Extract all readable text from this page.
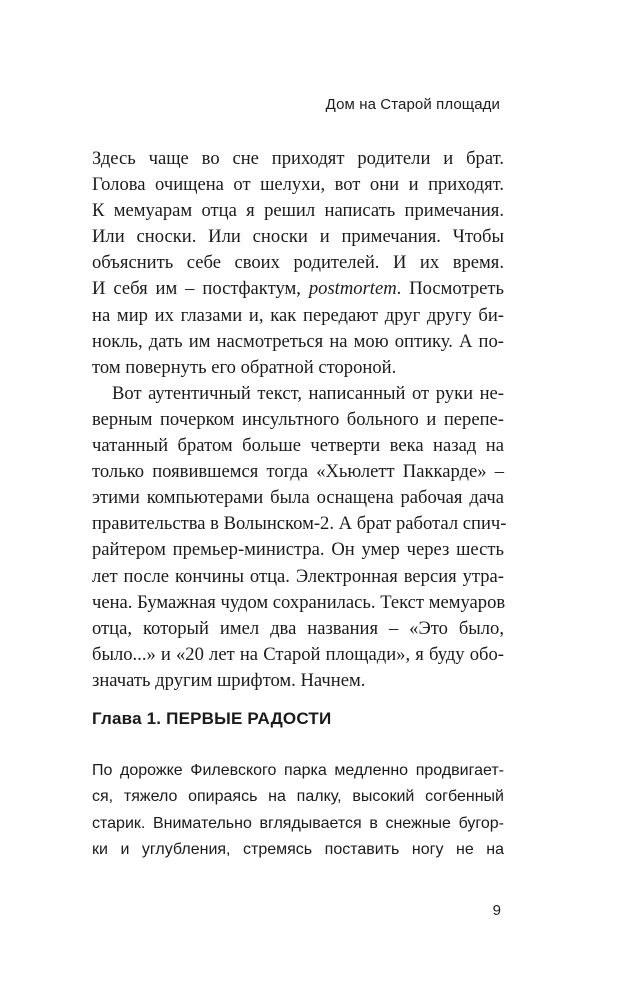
Дом на Старой площади
Здесь чаще во сне приходят родители и брат.
Голова очищена от шелухи, вот они и приходят.
К мемуарам отца я решил написать примечания.
Или сноски. Или сноски и примечания. Чтобы
объяснить себе своих родителей. И их время.
И себя им – постфактум, postmortem. Посмотреть
на мир их глазами и, как передают друг другу би-
нокль, дать им насмотреться на мою оптику. А по-
том повернуть его обратной стороной.
Вот аутентичный текст, написанный от руки не-
верным почерком инсультного больного и перепе-
чатанный братом больше четверти века назад на
только появившемся тогда «Хьюлетт Паккарде» –
этими компьютерами была оснащена рабочая дача
правительства в Волынском-2. А брат работал спич-
райтером премьер-министра. Он умер через шесть
лет после кончины отца. Электронная версия утра-
чена. Бумажная чудом сохранилась. Текст мемуаров
отца, который имел два названия – «Это было,
было...» и «20 лет на Старой площади», я буду обо-
значать другим шрифтом. Начнем.
Глава 1. ПЕРВЫЕ РАДОСТИ
По дорожке Филевского парка медленно продвигает-
ся, тяжело опираясь на палку, высокий согбенный
старик. Внимательно вглядывается в снежные бугор-
ки и углубления, стремясь поставить ногу не на
9
